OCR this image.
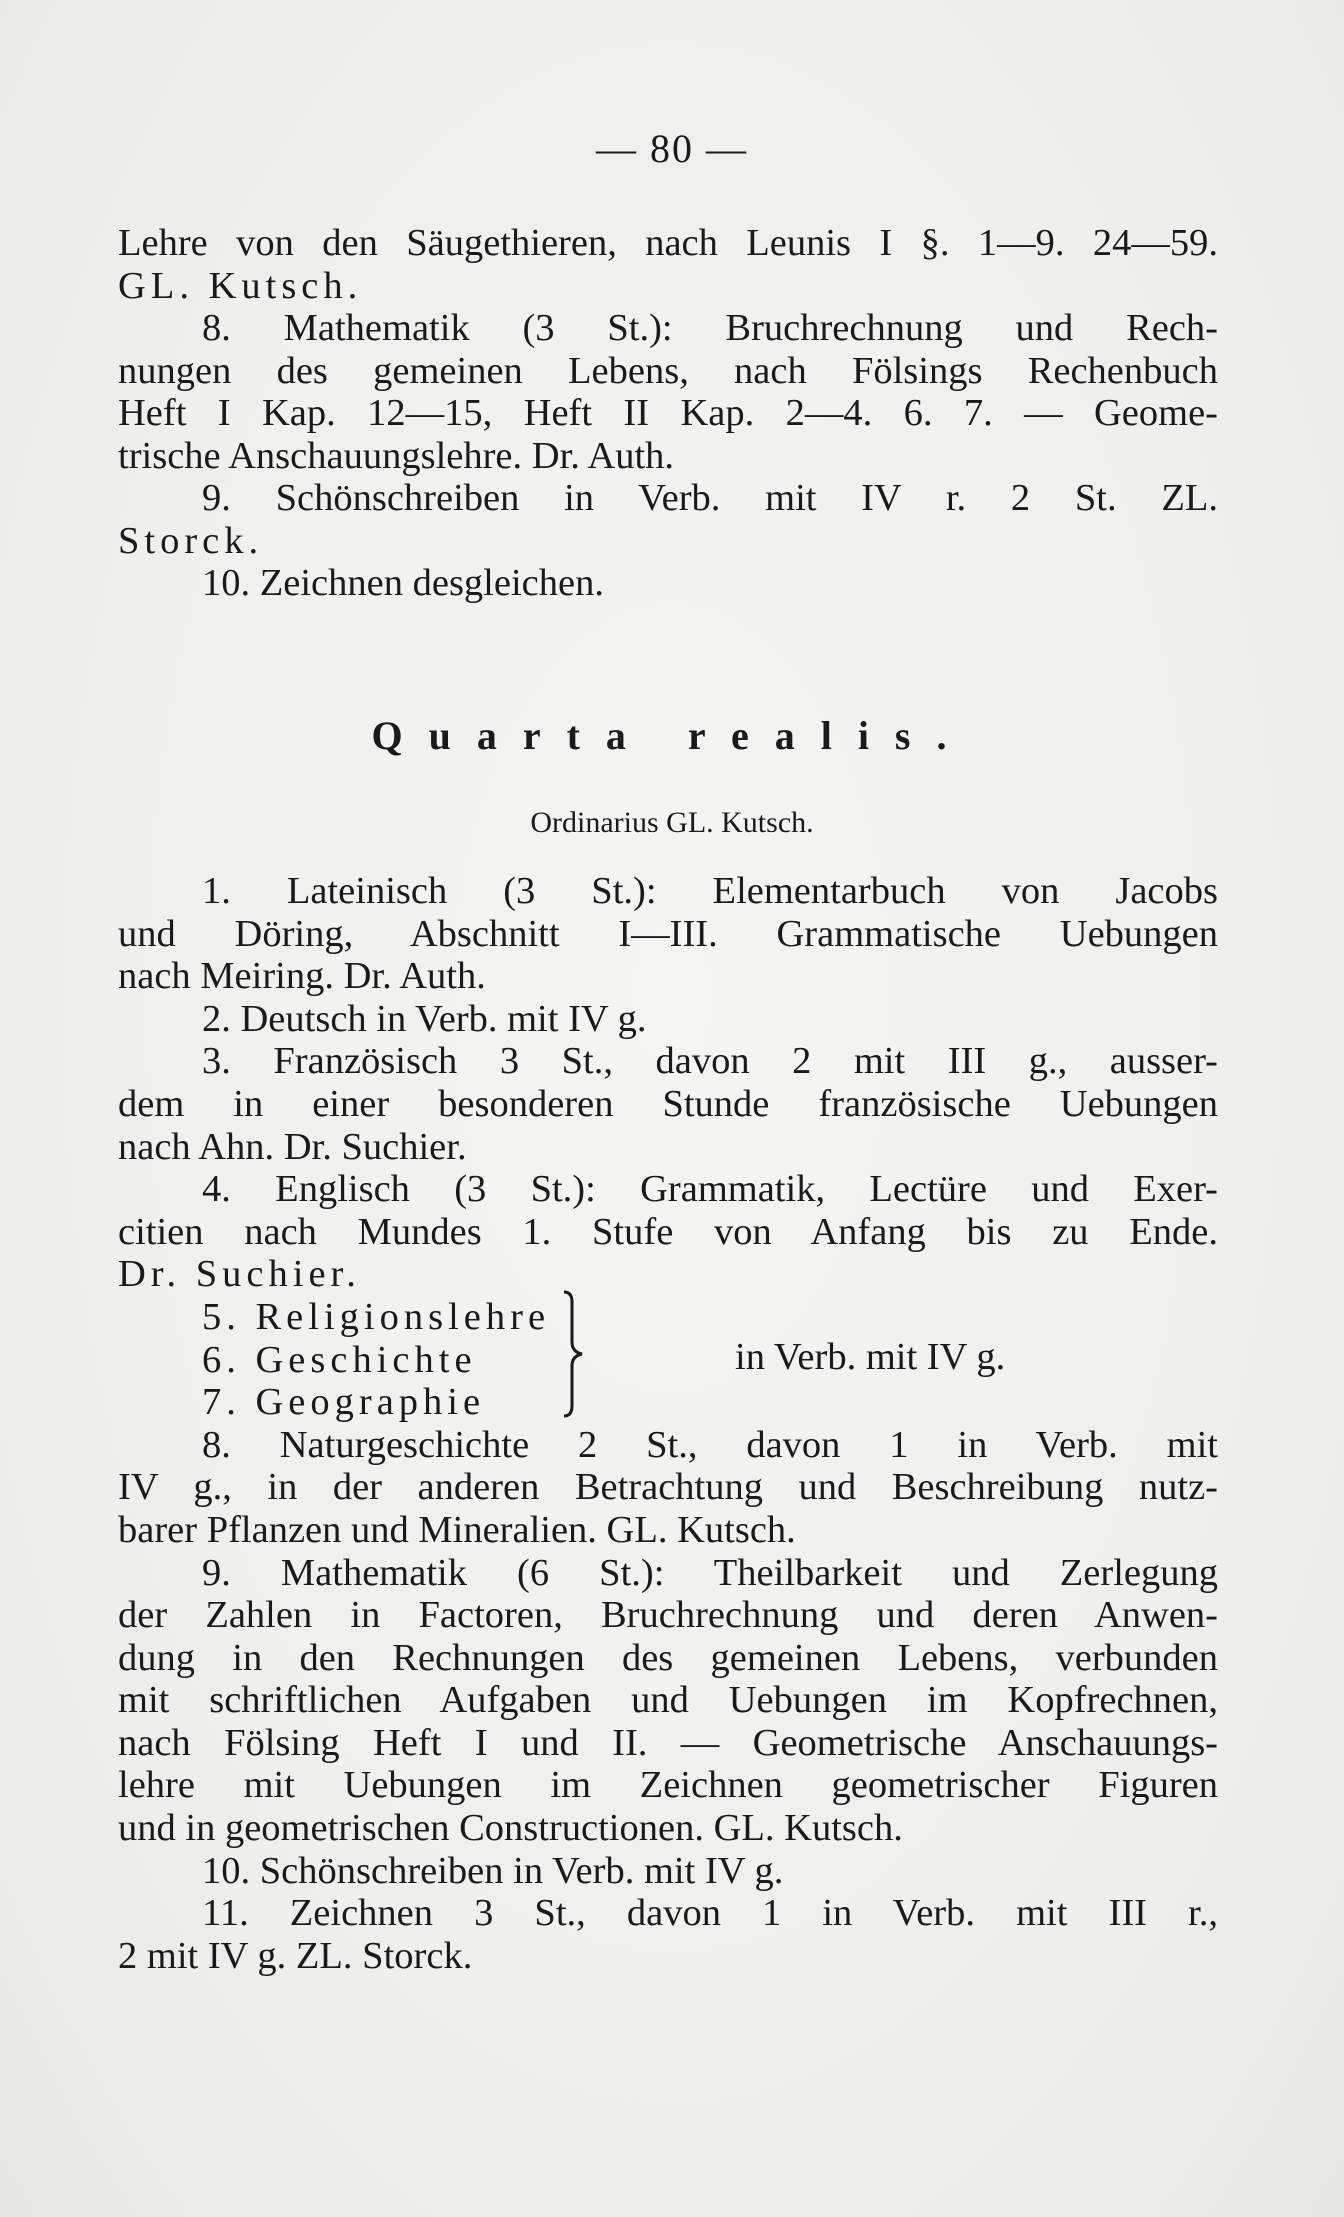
— 80 —
Lehre von den Säugethieren, nach Leunis I §. 1—9. 24—59.
GL. Kutsch.
8. Mathematik (3 St.): Bruchrechnung und Rech-
nungen des gemeinen Lebens, nach Fölsings Rechenbuch
Heft I Kap. 12—15, Heft II Kap. 2—4. 6. 7. — Geome-
trische Anschauungslehre. Dr. Auth.
9. Schönschreiben in Verb. mit IV r. 2 St. ZL.
Storck.
10. Zeichnen desgleichen.
Quarta realis.
Ordinarius GL. Kutsch.
1. Lateinisch (3 St.): Elementarbuch von Jacobs
und Döring, Abschnitt I—III. Grammatische Uebungen
nach Meiring. Dr. Auth.
2. Deutsch in Verb. mit IV g.
3. Französisch 3 St., davon 2 mit III g., ausser-
dem in einer besonderen Stunde französische Uebungen
nach Ahn. Dr. Suchier.
4. Englisch (3 St.): Grammatik, Lectüre und Exer-
citien nach Mundes 1. Stufe von Anfang bis zu Ende.
Dr. Suchier.
5. Religionslehre
6. Geschichte
7. Geographie
8. Naturgeschichte 2 St., davon 1 in Verb. mit
IV g., in der anderen Betrachtung und Beschreibung nutz-
barer Pflanzen und Mineralien. GL. Kutsch.
9. Mathematik (6 St.): Theilbarkeit und Zerlegung
der Zahlen in Factoren, Bruchrechnung und deren Anwen-
dung in den Rechnungen des gemeinen Lebens, verbunden
mit schriftlichen Aufgaben und Uebungen im Kopfrechnen,
nach Fölsing Heft I und II. — Geometrische Anschauungs-
lehre mit Uebungen im Zeichnen geometrischer Figuren
und in geometrischen Constructionen. GL. Kutsch.
10. Schönschreiben in Verb. mit IV g.
11. Zeichnen 3 St., davon 1 in Verb. mit III r.,
2 mit IV g. ZL. Storck.
in Verb. mit IV g.
